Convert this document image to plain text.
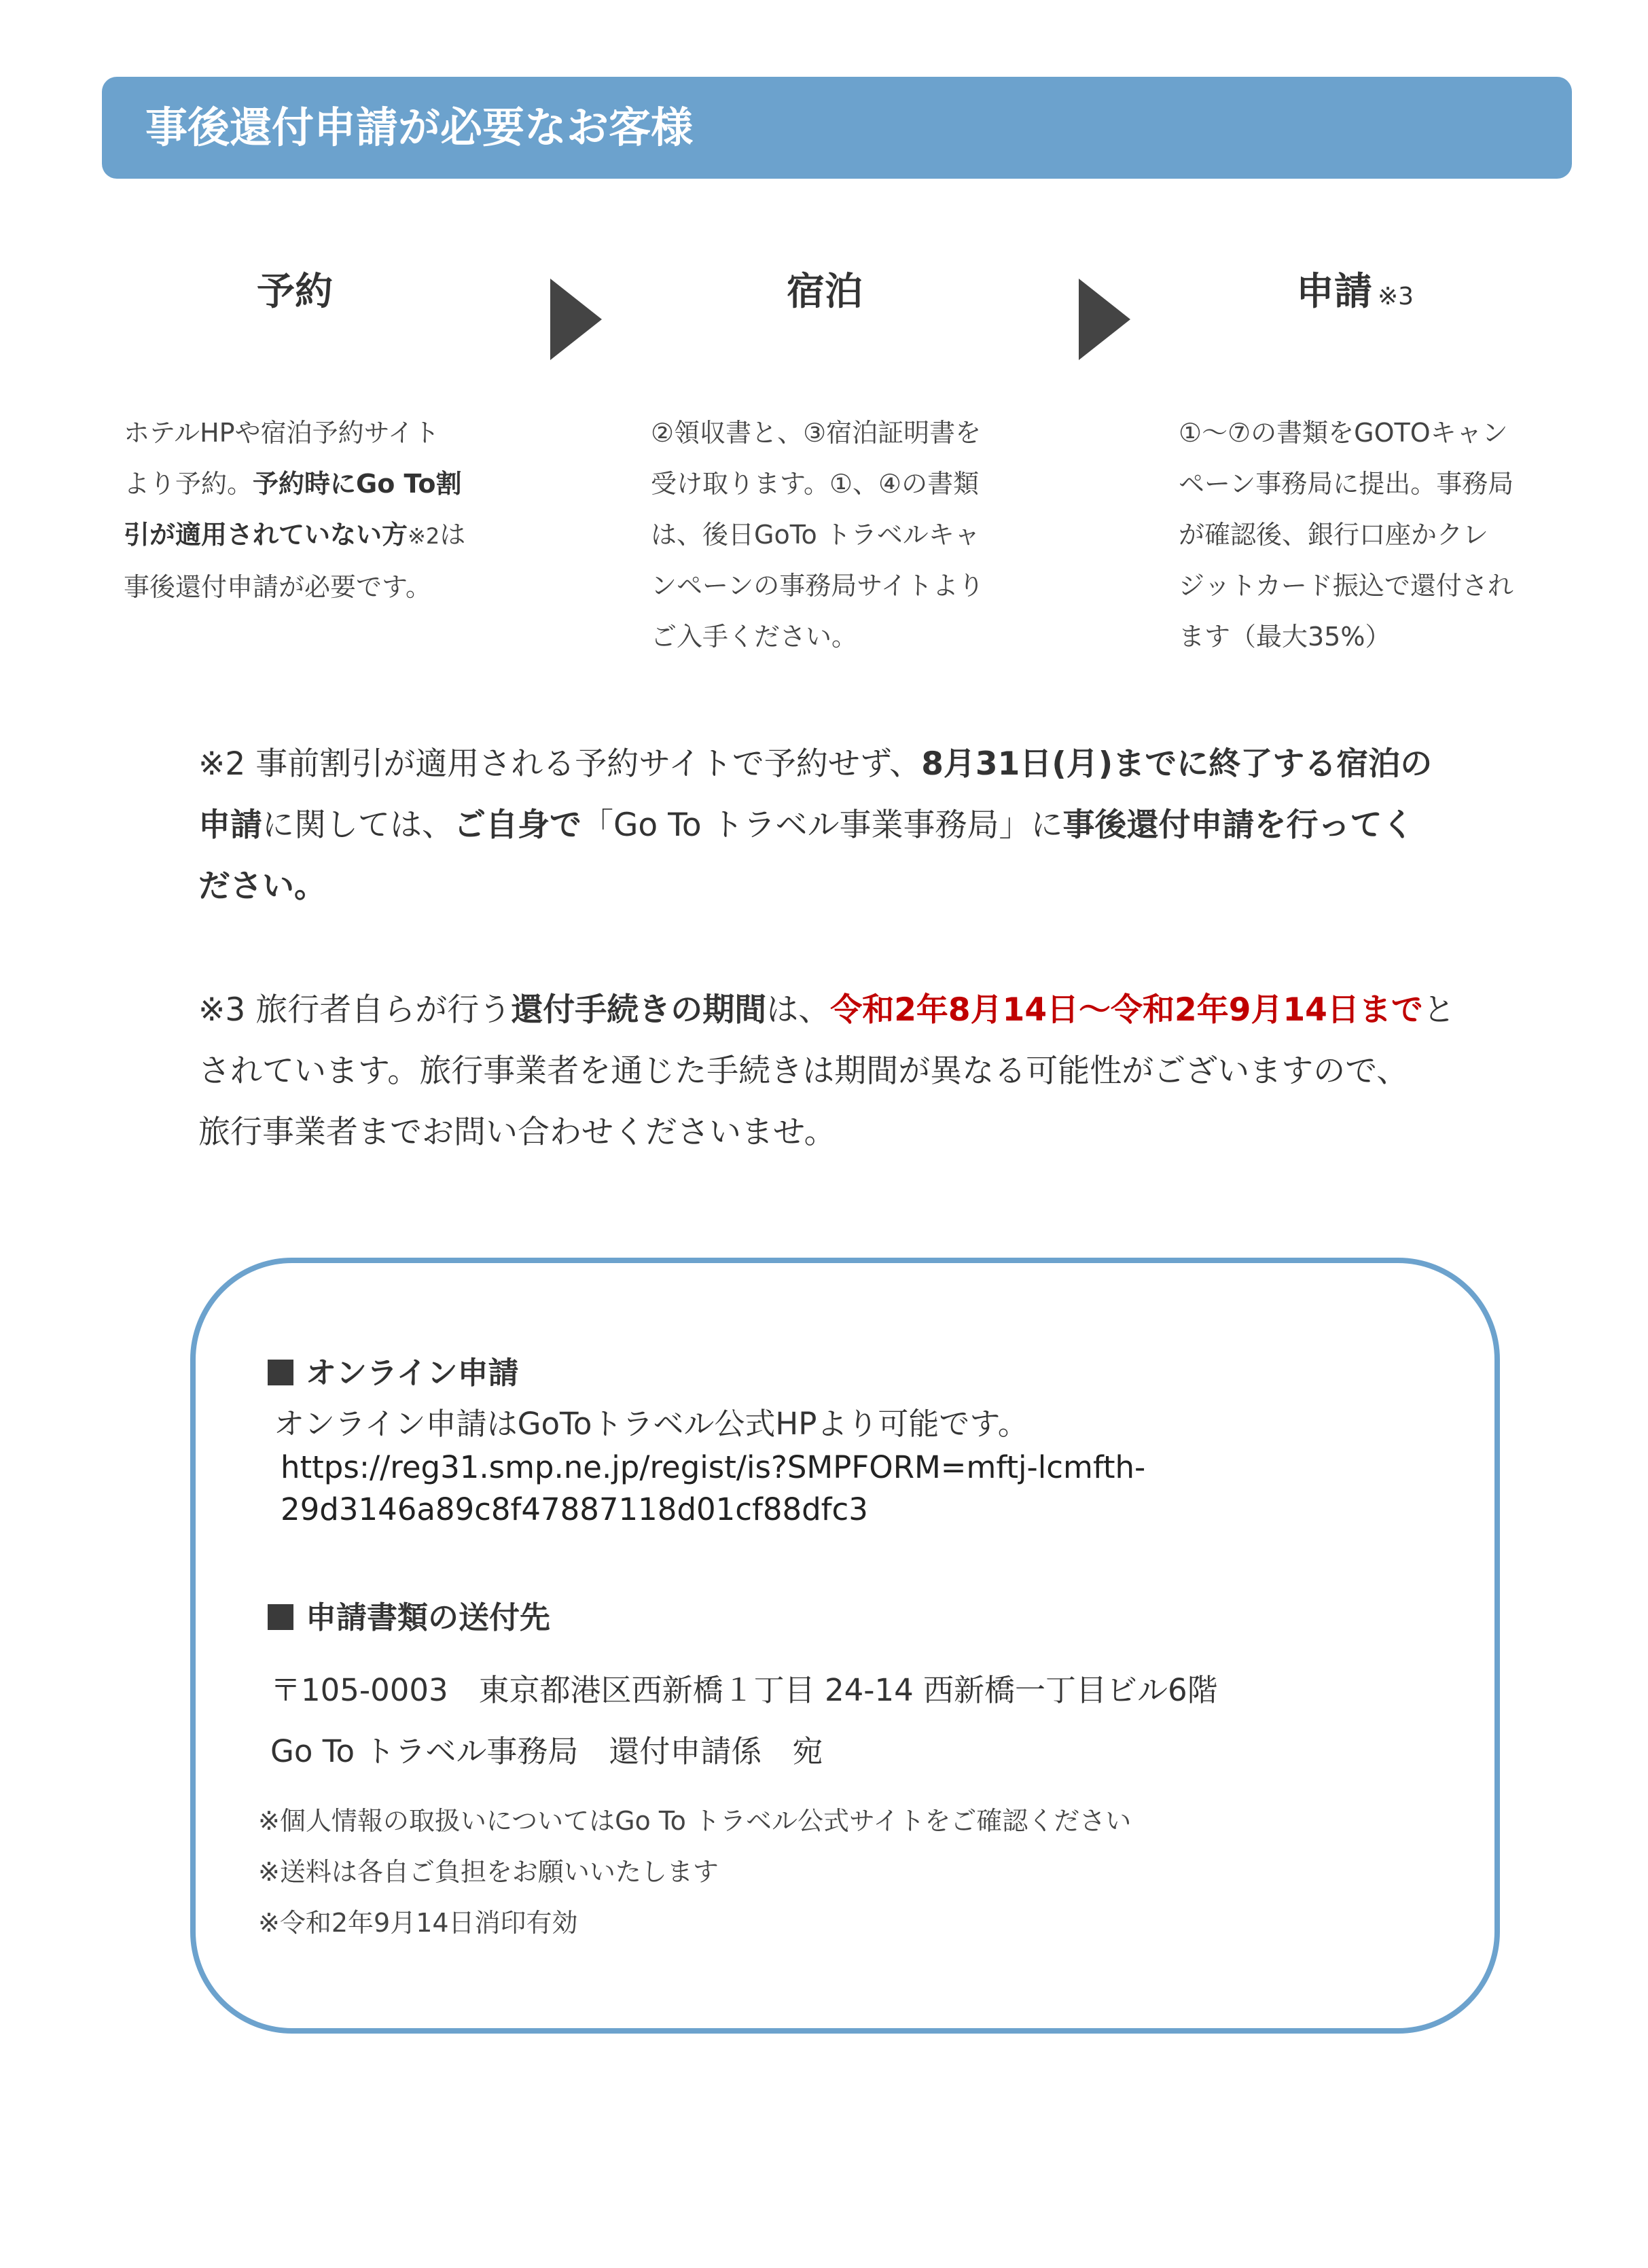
事後還付申請が必要なお客様
予約	宿泊	申請 ※3
ホテルHPや宿泊予約サイト
より予約。予約時にGo To割
引が適用されていない方※2は
事後還付申請が必要です。
②領収書と、③宿泊証明書を
受け取ります。①、④の書類
は、後日GoTo トラベルキャ
ンペーンの事務局サイトより
ご入手ください。
①～⑦の書類をGOTOキャン
ペーン事務局に提出。事務局
が確認後、銀行口座かクレ
ジットカード振込で還付され
ます（最大35%）
※2 事前割引が適用される予約サイトで予約せず、8月31日(月)までに終了する宿泊の
申請に関しては、ご自身で「Go To トラベル事業事務局」に事後還付申請を行ってく
ださい。
※3 旅行者自らが行う還付手続きの期間は、令和2年8月14日～令和2年9月14日までと
されています。旅行事業者を通じた手続きは期間が異なる可能性がございますので、
旅行事業者までお問い合わせくださいませ。
オンライン申請
オンライン申請はGoToトラベル公式HPより可能です。
https://reg31.smp.ne.jp/regist/is?SMPFORM=mftj-lcmfth-
29d3146a89c8f47887118d01cf88dfc3
申請書類の送付先
〒105-0003　東京都港区西新橋１丁目 24-14 西新橋一丁目ビル6階
Go To トラベル事務局　還付申請係　宛
※個人情報の取扱いについてはGo To トラベル公式サイトをご確認ください
※送料は各自ご負担をお願いいたします
※令和2年9月14日消印有効
